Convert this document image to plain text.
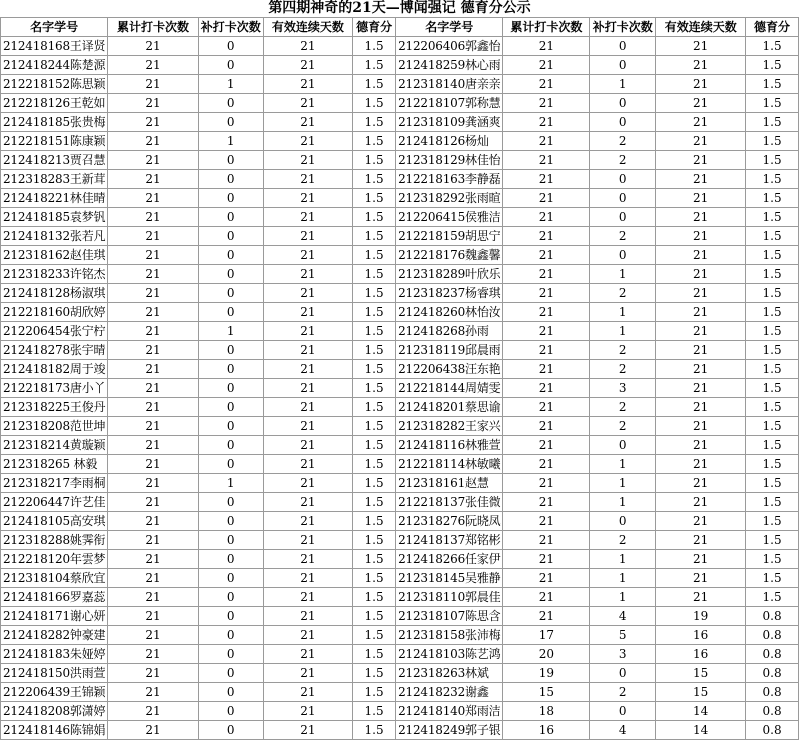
第四期神奇的21天—博闻强记 德育分公示
名字学号	累计打卡次数	补打卡次数	有效连续天数	德育分	名字学号	累计打卡次数	补打卡次数	有效连续天数	德育分
212418168王译贤	21	0	21	1.5	212206406郭鑫怡	21	0	21	1.5
212418244陈楚源	21	0	21	1.5	212418259林心雨	21	0	21	1.5
212218152陈思颖	21	1	21	1.5	212318140唐亲亲	21	1	21	1.5
212218126王乾如	21	0	21	1.5	212218107郭称慧	21	0	21	1.5
212418185张贵梅	21	0	21	1.5	212318109龚涵爽	21	0	21	1.5
212218151陈康颖	21	1	21	1.5	212418126杨灿	21	2	21	1.5
212418213贾召慧	21	0	21	1.5	212318129林佳怡	21	2	21	1.5
212318283王新茸	21	0	21	1.5	212218163李静磊	21	0	21	1.5
212418221林佳晴	21	0	21	1.5	212318292张雨暄	21	0	21	1.5
212418185袁梦钒	21	0	21	1.5	212206415侯雅洁	21	0	21	1.5
212418132张若凡	21	0	21	1.5	212218159胡思宁	21	2	21	1.5
212318162赵佳琪	21	0	21	1.5	212218176魏鑫馨	21	0	21	1.5
212318233许铭杰	21	0	21	1.5	212318289叶欣乐	21	1	21	1.5
212418128杨淑琪	21	0	21	1.5	212318237杨睿琪	21	2	21	1.5
212218160胡欣婷	21	0	21	1.5	212418260林怡汝	21	1	21	1.5
212206454张宁柠	21	1	21	1.5	212418268孙雨	21	1	21	1.5
212418278张宇晴	21	0	21	1.5	212318119邱晨雨	21	2	21	1.5
212418182周于竣	21	0	21	1.5	212206438汪东艳	21	2	21	1.5
212218173唐小丫	21	0	21	1.5	212218144周婧雯	21	3	21	1.5
212318225王俊丹	21	0	21	1.5	212418201蔡思谕	21	2	21	1.5
212318208范世坤	21	0	21	1.5	212318282王家兴	21	2	21	1.5
212318214黄璇颖	21	0	21	1.5	212418116林雅萱	21	0	21	1.5
212318265 林毅	21	0	21	1.5	212218114林敏曦	21	1	21	1.5
212318217李雨桐	21	1	21	1.5	212318161赵慧	21	1	21	1.5
212206447许艺佳	21	0	21	1.5	212218137张佳微	21	1	21	1.5
212418105高安琪	21	0	21	1.5	212318276阮晓凤	21	0	21	1.5
212318288姚霁衔	21	0	21	1.5	212418137郑铭彬	21	2	21	1.5
212218120年雲梦	21	0	21	1.5	212418266任家伊	21	1	21	1.5
212318104蔡欣宜	21	0	21	1.5	212318145吴雅静	21	1	21	1.5
212418166罗嘉蕊	21	0	21	1.5	212318110郭晨佳	21	1	21	1.5
212418171谢心妍	21	0	21	1.5	212318107陈思含	21	4	19	0.8
212418282钟豪建	21	0	21	1.5	212318158张沛梅	17	5	16	0.8
212418183朱娅婷	21	0	21	1.5	212418103陈艺鸿	20	3	16	0.8
212418150洪雨萱	21	0	21	1.5	212318263林斌	19	0	15	0.8
212206439王锦颖	21	0	21	1.5	212418232谢鑫	15	2	15	0.8
212418208郭潇婷	21	0	21	1.5	212418140郑雨洁	18	0	14	0.8
212418146陈锦娟	21	0	21	1.5	212418249郭子银	16	4	14	0.8
